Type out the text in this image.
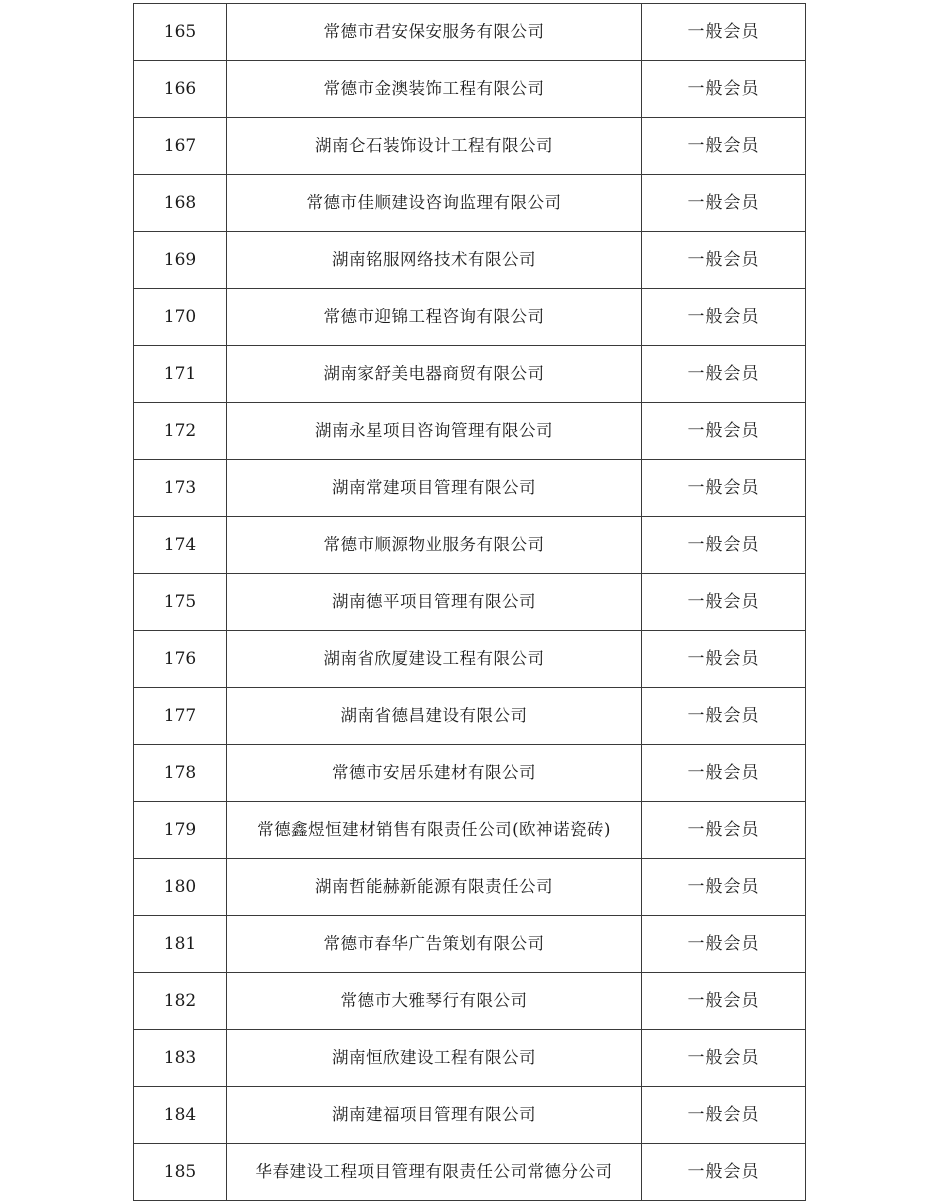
165	常德市君安保安服务有限公司	一般会员
166	常德市金澳装饰工程有限公司	一般会员
167	湖南仑石装饰设计工程有限公司	一般会员
168	常德市佳顺建设咨询监理有限公司	一般会员
169	湖南铭服网络技术有限公司	一般会员
170	常德市迎锦工程咨询有限公司	一般会员
171	湖南家舒美电器商贸有限公司	一般会员
172	湖南永星项目咨询管理有限公司	一般会员
173	湖南常建项目管理有限公司	一般会员
174	常德市顺源物业服务有限公司	一般会员
175	湖南德平项目管理有限公司	一般会员
176	湖南省欣厦建设工程有限公司	一般会员
177	湖南省德昌建设有限公司	一般会员
178	常德市安居乐建材有限公司	一般会员
179	常德鑫煜恒建材销售有限责任公司(欧神诺瓷砖)	一般会员
180	湖南哲能赫新能源有限责任公司	一般会员
181	常德市春华广告策划有限公司	一般会员
182	常德市大雅琴行有限公司	一般会员
183	湖南恒欣建设工程有限公司	一般会员
184	湖南建福项目管理有限公司	一般会员
185	华春建设工程项目管理有限责任公司常德分公司	一般会员
